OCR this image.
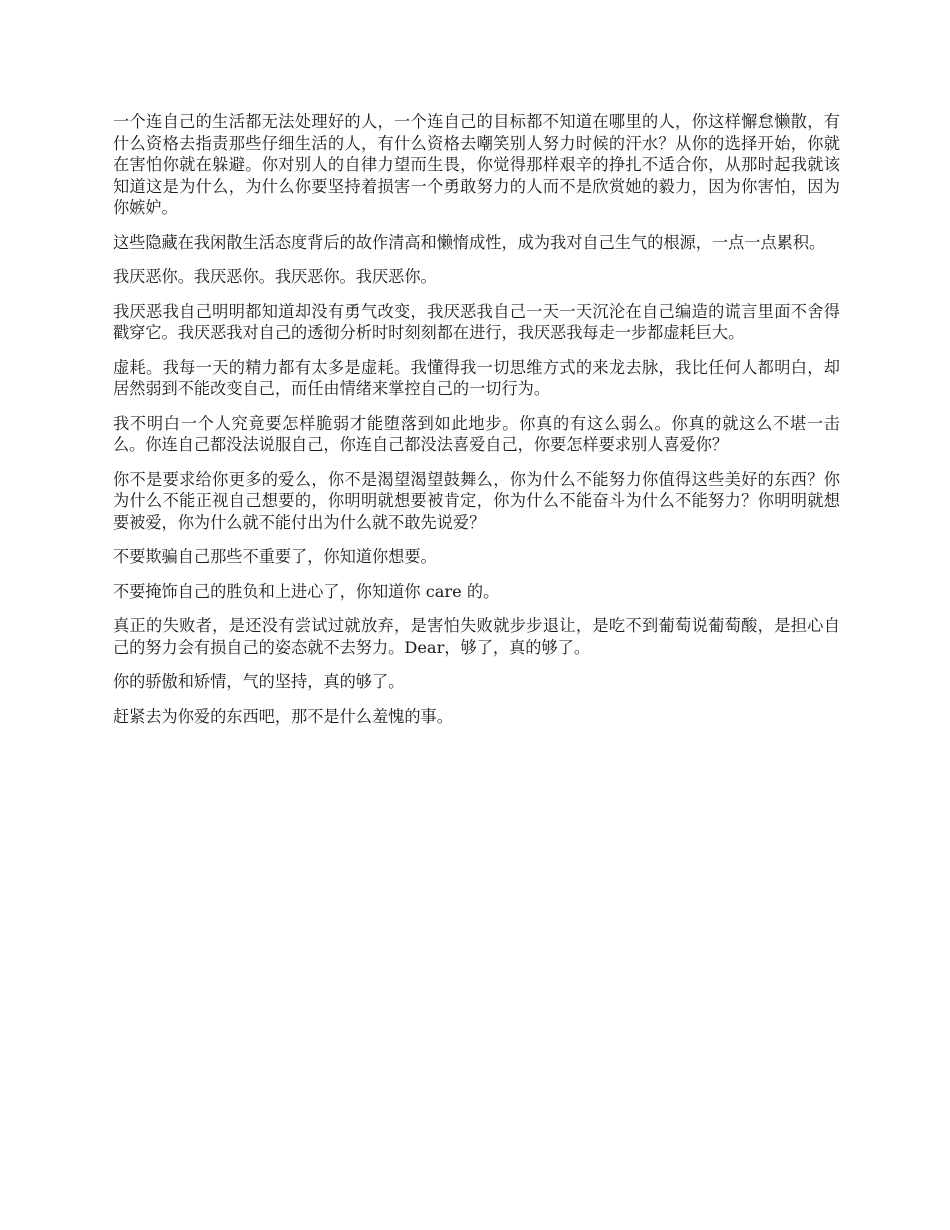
一个连自己的生活都无法处理好的人，一个连自己的目标都不知道在哪里的人，你这样懈怠懒散，有什么资格去指责那些仔细生活的人，有什么资格去嘲笑别人努力时候的汗水？从你的选择开始，你就在害怕你就在躲避。你对别人的自律力望而生畏，你觉得那样艰辛的挣扎不适合你，从那时起我就该知道这是为什么，为什么你要坚持着损害一个勇敢努力的人而不是欣赏她的毅力，因为你害怕，因为你嫉妒。

这些隐藏在我闲散生活态度背后的故作清高和懒惰成性，成为我对自己生气的根源，一点一点累积。

我厌恶你。我厌恶你。我厌恶你。我厌恶你。

我厌恶我自己明明都知道却没有勇气改变，我厌恶我自己一天一天沉沦在自己编造的谎言里面不舍得戳穿它。我厌恶我对自己的透彻分析时时刻刻都在进行，我厌恶我每走一步都虚耗巨大。

虚耗。我每一天的精力都有太多是虚耗。我懂得我一切思维方式的来龙去脉，我比任何人都明白，却居然弱到不能改变自己，而任由情绪来掌控自己的一切行为。

我不明白一个人究竟要怎样脆弱才能堕落到如此地步。你真的有这么弱么。你真的就这么不堪一击么。你连自己都没法说服自己，你连自己都没法喜爱自己，你要怎样要求别人喜爱你？

你不是要求给你更多的爱么，你不是渴望渴望鼓舞么，你为什么不能努力你值得这些美好的东西？你为什么不能正视自己想要的，你明明就想要被肯定，你为什么不能奋斗为什么不能努力？你明明就想要被爱，你为什么就不能付出为什么就不敢先说爱？

不要欺骗自己那些不重要了，你知道你想要。

不要掩饰自己的胜负和上进心了，你知道你 care 的。

真正的失败者，是还没有尝试过就放弃，是害怕失败就步步退让，是吃不到葡萄说葡萄酸，是担心自己的努力会有损自己的姿态就不去努力。Dear，够了，真的够了。

你的骄傲和矫情，气的坚持，真的够了。

赶紧去为你爱的东西吧，那不是什么羞愧的事。
